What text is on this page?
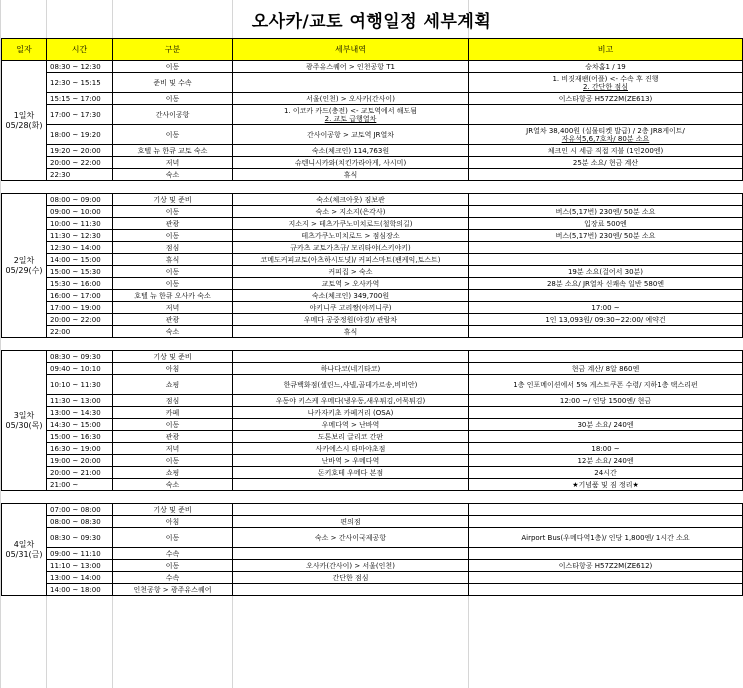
오사카/교토 여행일정 세부계획
일자	시간	구분	세부내역	비고

1일차
05/28(화)	08:30 ~ 12:30	이동	광주유스퀘어 > 인천공항 T1	승차홈1 / 19
	12:30 ~ 15:15	준비 및 수속		1. 비짓재팬(어플) <- 수속 후 진행
2. 간단한 점심

	15:15 ~ 17:00	이동	서울(인천) > 오사카(간사이)	이스타항공 H57Z2M(ZE613)
	17:00 ~ 17:30	간사이공항	1. 이코카 카드(충전) <- 교토역에서 해도됨
2. 교토 급행열차	

	18:00 ~ 19:20	이동	간사이공항 > 교토역 JR열차	JR열차 38,400원 (실물티켓 발급) / 2층 JR8게이트/
자유석5,6,7호차/ 80분 소요

	19:20 ~ 20:00	호텔 뉴 한큐 교토 숙소	숙소(체크인) 114,763원	체크인 시 세금 직접 지불 (1인200엔)
	20:00 ~ 22:00	저녁	슈텐니시카와(치킨가라아게, 사시미)	25분 소요/ 현금 계산
	22:30	숙소	휴식	

2일차
05/29(수)	08:00 ~ 09:00	기상 및 준비	숙소(체크아웃) 짐보관	
	09:00 ~ 10:00	이동	숙소 > 지소지(은각사)	버스(5,17번) 230엔/ 50분 소요
	10:00 ~ 11:30	관광	지소지 > 테츠가쿠노미치로드(철학의길)	입장료 500엔
	11:30 ~ 12:30	이동	테츠가쿠노미치로드 > 점심장소	버스(5,17번) 230엔/ 50분 소요
	12:30 ~ 14:00	점심	규카츠 교토가츠규/ 모리타야(스키야키)	
	14:00 ~ 15:00	휴식	코메도커피교토(아츠하시도넛)/ 커피스마트(팬케익,토스트)	
	15:00 ~ 15:30	이동	커피집 > 숙소	19분 소요(걸어서 30분)
	15:30 ~ 16:00	이동	교토역 > 오사카역	28분 소요/ JR열차 신쾌속 일반 580엔
	16:00 ~ 17:00	호텔 뉴 한큐 오사카 숙소	숙소(체크인) 349,700원	
	17:00 ~ 19:00	저녁	야키니쿠 고리짱(야끼니쿠)	17:00 ~
	20:00 ~ 22:00	관광	우메다 공중정원(야경)/ 관람차	1인 13,093원/ 09:30~22:00/ 예약건
	22:00	숙소	휴식	

3일차
05/30(목)	08:30 ~ 09:30	기상 및 준비		
	09:40 ~ 10:10	아침	하나다코(네기타코)	현금 계산/ 8알 860엔
	10:10 ~ 11:30	쇼핑	한큐백화점(셀린느,샤넬,골데가르송,비비안)	1층 인포메이션에서 5% 게스트쿠폰 수령/ 지하1층 택스리펀
	11:30 ~ 13:00	점심	우동야 키스케 우메다(냉우동,새우튀김,어묵튀김)	12:00 ~/ 인당 1500엔/ 현금
	13:00 ~ 14:30	카페	나카자키초 카페거리 (OSA)	
	14:30 ~ 15:00	이동	우메다역 > 난바역	30분 소요/ 240엔
	15:00 ~ 16:30	관광	도톤보리 글리코 간판	
	16:30 ~ 19:00	저녁	사카에스시 타마야초점	18:00 ~
	19:00 ~ 20:00	이동	난바역 > 우메다역	12분 소요/ 240엔
	20:00 ~ 21:00	쇼핑	돈키호테 우메다 본점	24시간
	21:00 ~	숙소		★기념품 및 짐 정리★

4일차
05/31(금)	07:00 ~ 08:00	기상 및 준비		
	08:00 ~ 08:30	아침	편의점	
	08:30 ~ 09:30	이동	숙소 > 간사이국제공항	Airport Bus(우메다역1층)/ 인당 1,800엔/ 1시간 소요
	09:00 ~ 11:10	수속		
	11:10 ~ 13:00	이동	오사카(간사이) > 서울(인천)	이스타항공 H57Z2M(ZE612)
	13:00 ~ 14:00	수속	간단한 점심	
	14:00 ~ 18:00	인천공항 > 광주유스퀘어		
